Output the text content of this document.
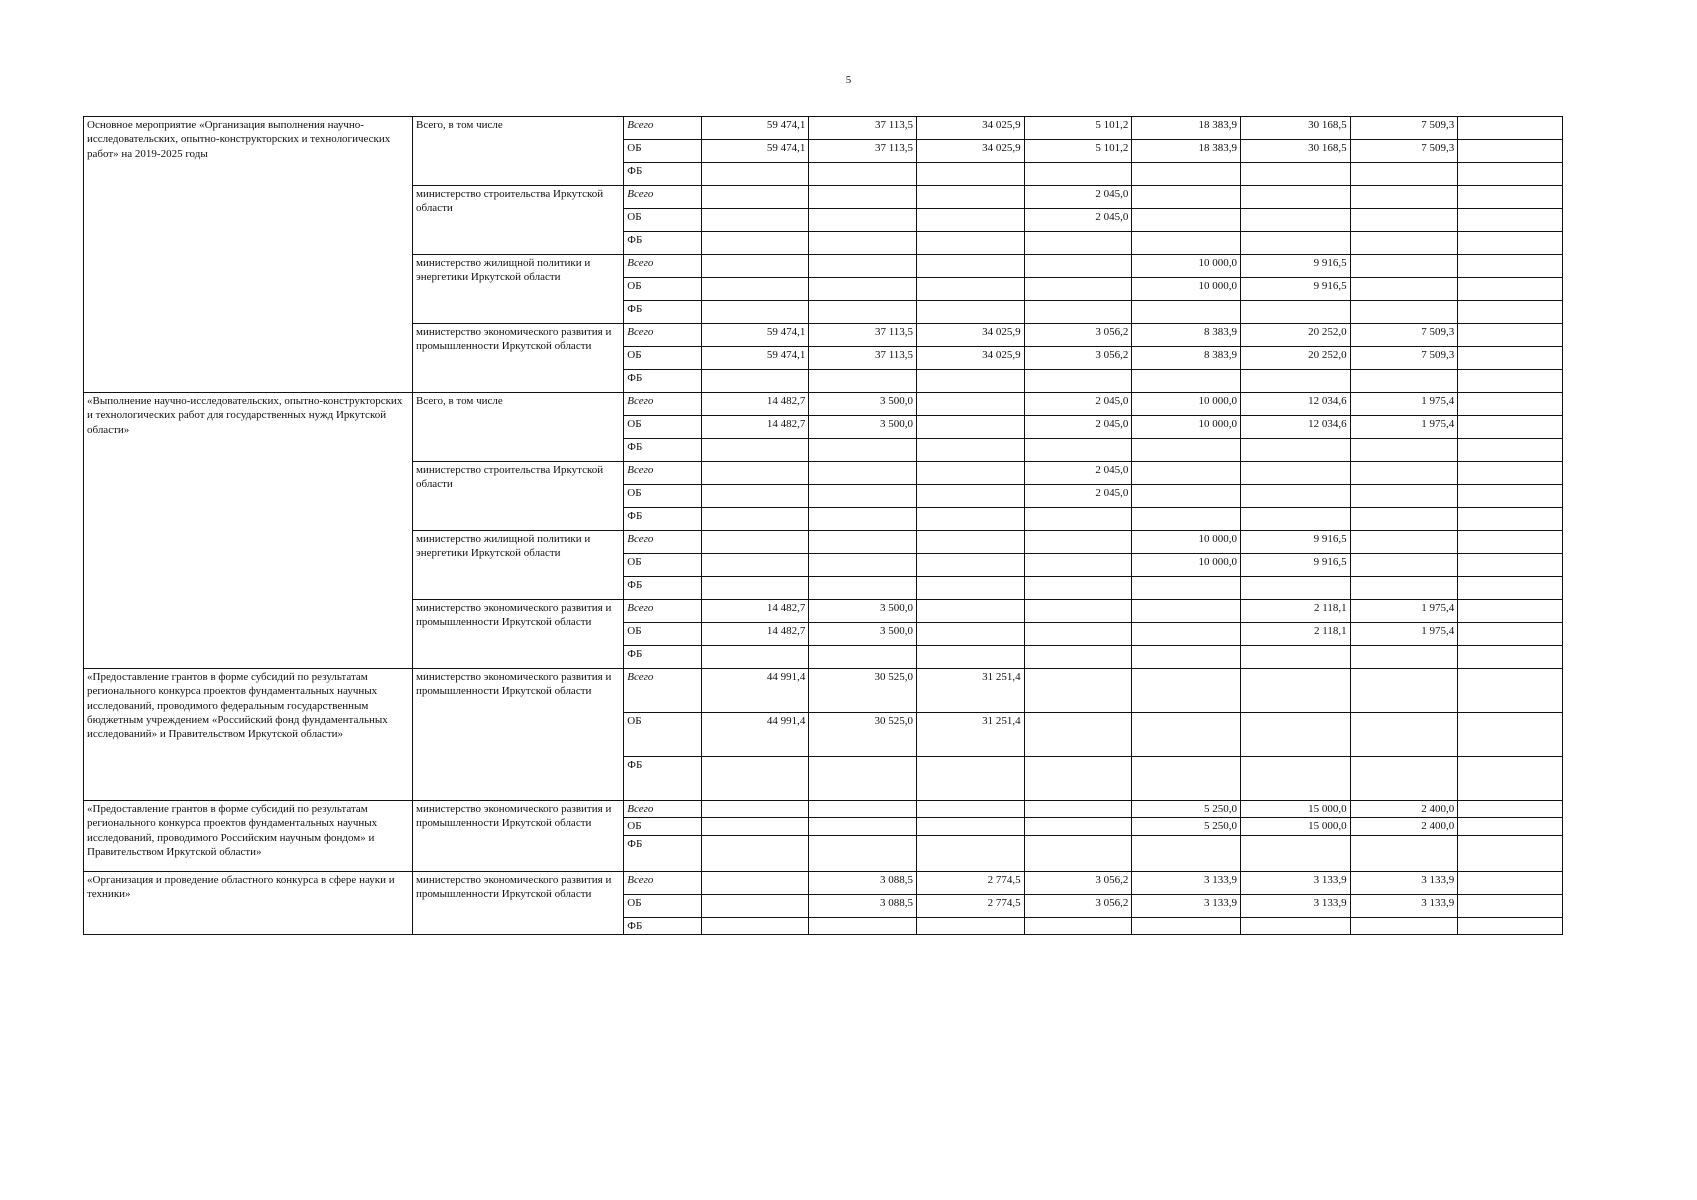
5
Основное мероприятие «Организация выполнения научно-исследовательских, опытно-конструкторских и технологических работ» на 2019-2025 годы	Всего, в том числе	Всего	59 474,1	37 113,5	34 025,9	5 101,2	18 383,9	30 168,5	7 509,3	
		ОБ	59 474,1	37 113,5	34 025,9	5 101,2	18 383,9	30 168,5	7 509,3	
		ФБ								
	министерство строительства Иркутской области	Всего				2 045,0				
		ОБ				2 045,0				
		ФБ								
	министерство жилищной политики и энергетики Иркутской области	Всего					10 000,0	9 916,5		
		ОБ					10 000,0	9 916,5		
		ФБ								
	министерство экономического развития и промышленности Иркутской области	Всего	59 474,1	37 113,5	34 025,9	3 056,2	8 383,9	20 252,0	7 509,3	
		ОБ	59 474,1	37 113,5	34 025,9	3 056,2	8 383,9	20 252,0	7 509,3	
		ФБ								
«Выполнение научно-исследовательских, опытно-конструкторских и технологических работ для государственных нужд Иркутской области»	Всего, в том числе	Всего	14 482,7	3 500,0		2 045,0	10 000,0	12 034,6	1 975,4	
		ОБ	14 482,7	3 500,0		2 045,0	10 000,0	12 034,6	1 975,4	
		ФБ								
	министерство строительства Иркутской области	Всего				2 045,0				
		ОБ				2 045,0				
		ФБ								
	министерство жилищной политики и энергетики Иркутской области	Всего					10 000,0	9 916,5		
		ОБ					10 000,0	9 916,5		
		ФБ								
	министерство экономического развития и промышленности Иркутской области	Всего	14 482,7	3 500,0				2 118,1	1 975,4	
		ОБ	14 482,7	3 500,0				2 118,1	1 975,4	
		ФБ								
«Предоставление грантов в форме субсидий по результатам регионального конкурса проектов фундаментальных научных исследований, проводимого федеральным государственным бюджетным учреждением «Российский фонд фундаментальных исследований» и Правительством Иркутской области»	министерство экономического развития и промышленности Иркутской области	Всего	44 991,4	30 525,0	31 251,4					
		ОБ	44 991,4	30 525,0	31 251,4					
		ФБ								
«Предоставление грантов в форме субсидий по результатам регионального конкурса проектов фундаментальных научных исследований, проводимого Российским научным фондом» и Правительством Иркутской области»	министерство экономического развития и промышленности Иркутской области	Всего					5 250,0	15 000,0	2 400,0	
		ОБ					5 250,0	15 000,0	2 400,0	
		ФБ								
«Организация и проведение областного конкурса в сфере науки и техники»	министерство экономического развития и промышленности Иркутской области	Всего		3 088,5	2 774,5	3 056,2	3 133,9	3 133,9	3 133,9	
		ОБ		3 088,5	2 774,5	3 056,2	3 133,9	3 133,9	3 133,9	
		ФБ								
